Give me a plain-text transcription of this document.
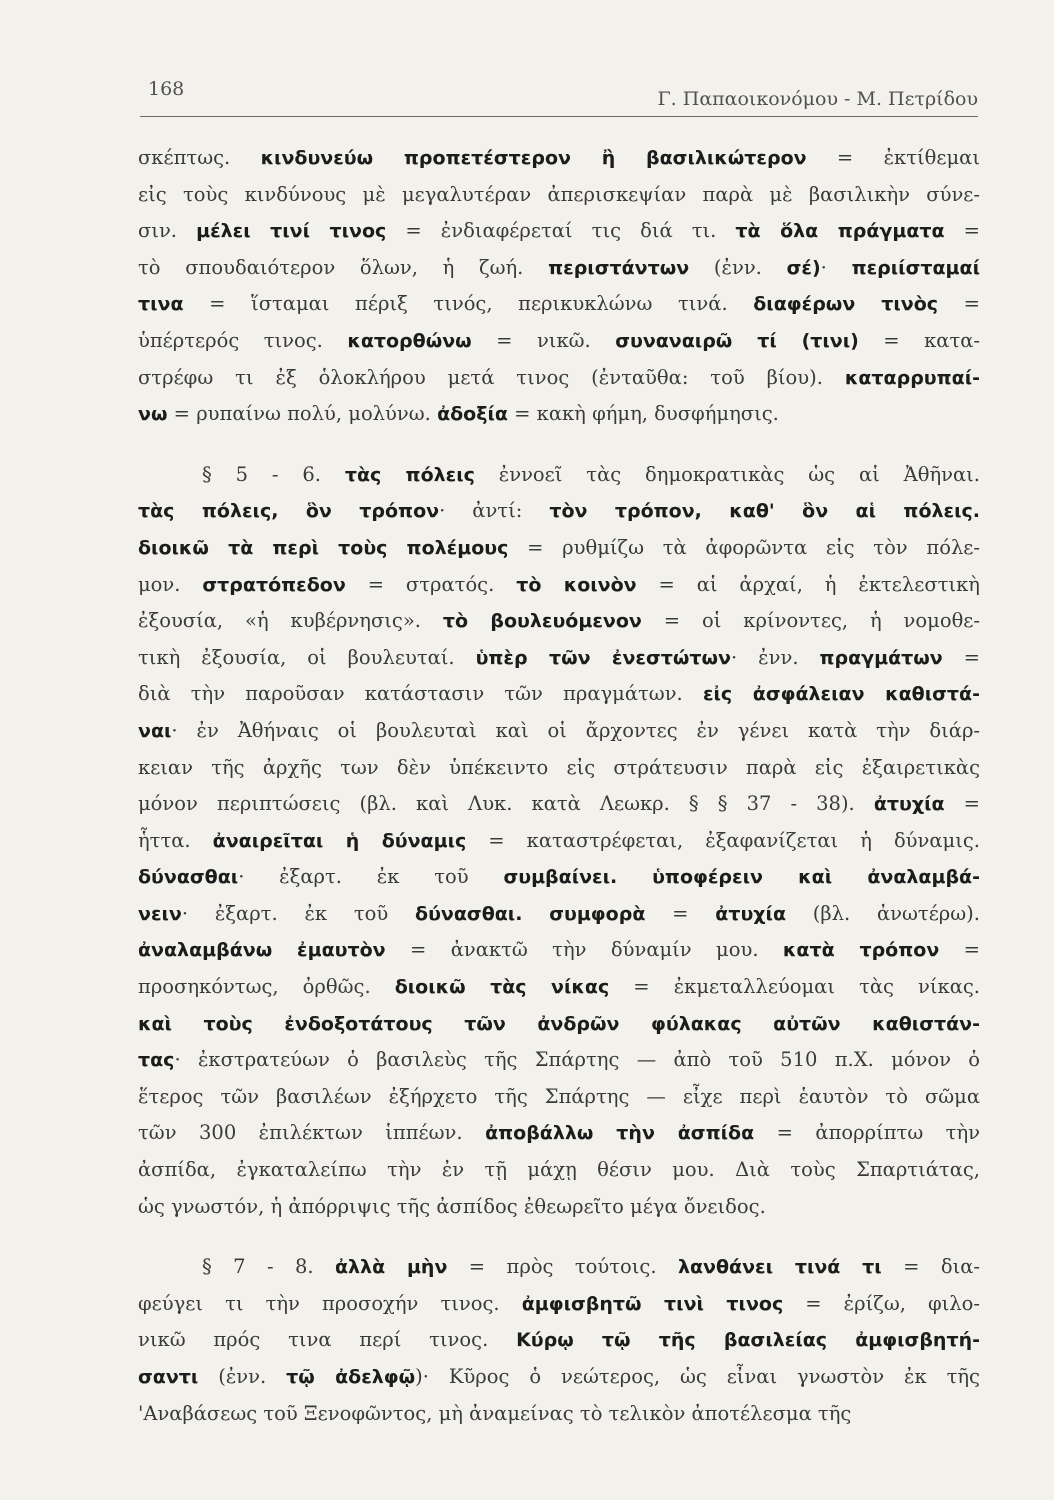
168	Γ. Παπαοικονόμου - Μ. Πετρίδου
σκέπτως. κινδυνεύω προπετέστερον ἢ βασιλικώτερον = ἐκτίθεμαι
εἰς τοὺς κινδύνους μὲ μεγαλυτέραν ἀπερισκεψίαν παρὰ μὲ βασιλικὴν σύνε-
σιν. μέλει τινί τινος = ἐνδιαφέρεταί τις διά τι. τὰ ὅλα πράγματα =
τὸ σπουδαιότερον ὅλων, ἡ ζωή. περιστάντων (ἐνν. σέ)· περιίσταμαί
τινα = ἵσταμαι πέριξ τινός, περικυκλώνω τινά. διαφέρων τινὸς =
ὑπέρτερός τινος. κατορθώνω = νικῶ. συναναιρῶ τί (τινι) = κατα-
στρέφω τι ἐξ ὁλοκλήρου μετά τινος (ἐνταῦθα: τοῦ βίου). καταρρυπαί-
νω = ρυπαίνω πολύ, μολύνω. ἀδοξία = κακὴ φήμη, δυσφήμησις.
§ 5 - 6. τὰς πόλεις ἐννοεῖ τὰς δημοκρατικὰς ὡς αἱ Ἀθῆναι.
τὰς πόλεις, ὃν τρόπον· ἀντί: τὸν τρόπον, καθ' ὃν αἱ πόλεις.
διοικῶ τὰ περὶ τοὺς πολέμους = ρυθμίζω τὰ ἀφορῶντα εἰς τὸν πόλε-
μον. στρατόπεδον = στρατός. τὸ κοινὸν = αἱ ἀρχαί, ἡ ἐκτελεστικὴ
ἐξουσία, «ἡ κυβέρνησις». τὸ βουλευόμενον = οἱ κρίνοντες, ἡ νομοθε-
τικὴ ἐξουσία, οἱ βουλευταί. ὑπὲρ τῶν ἐνεστώτων· ἐνν. πραγμάτων =
διὰ τὴν παροῦσαν κατάστασιν τῶν πραγμάτων. εἰς ἀσφάλειαν καθιστά-
ναι· ἐν Ἀθήναις οἱ βουλευταὶ καὶ οἱ ἄρχοντες ἐν γένει κατὰ τὴν διάρ-
κειαν τῆς ἀρχῆς των δὲν ὑπέκειντο εἰς στράτευσιν παρὰ εἰς ἐξαιρετικὰς
μόνον περιπτώσεις (βλ. καὶ Λυκ. κατὰ Λεωκρ. § § 37 - 38). ἀτυχία =
ἧττα. ἀναιρεῖται ἡ δύναμις = καταστρέφεται, ἐξαφανίζεται ἡ δύναμις.
δύνασθαι· ἐξαρτ. ἐκ τοῦ συμβαίνει. ὑποφέρειν καὶ ἀναλαμβά-
νειν· ἐξαρτ. ἐκ τοῦ δύνασθαι. συμφορὰ = ἀτυχία (βλ. ἀνωτέρω).
ἀναλαμβάνω ἐμαυτὸν = ἀνακτῶ τὴν δύναμίν μου. κατὰ τρόπον =
προσηκόντως, ὀρθῶς. διοικῶ τὰς νίκας = ἐκμεταλλεύομαι τὰς νίκας.
καὶ τοὺς ἐνδοξοτάτους τῶν ἀνδρῶν φύλακας αὐτῶν καθιστάν-
τας· ἐκστρατεύων ὁ βασιλεὺς τῆς Σπάρτης — ἀπὸ τοῦ 510 π.Χ. μόνον ὁ
ἕτερος τῶν βασιλέων ἐξήρχετο τῆς Σπάρτης — εἶχε περὶ ἑαυτὸν τὸ σῶμα
τῶν 300 ἐπιλέκτων ἱππέων. ἀποβάλλω τὴν ἀσπίδα = ἀπορρίπτω τὴν
ἀσπίδα, ἐγκαταλείπω τὴν ἐν τῇ μάχῃ θέσιν μου. Διὰ τοὺς Σπαρτιάτας,
ὡς γνωστόν, ἡ ἀπόρριψις τῆς ἀσπίδος ἐθεωρεῖτο μέγα ὄνειδος.
§ 7 - 8. ἀλλὰ μὴν = πρὸς τούτοις. λανθάνει τινά τι = δια-
φεύγει τι τὴν προσοχήν τινος. ἀμφισβητῶ τινὶ τινος = ἐρίζω, φιλο-
νικῶ πρός τινα περί τινος. Κύρῳ τῷ τῆς βασιλείας ἀμφισβητή-
σαντι (ἐνν. τῷ ἀδελφῷ)· Κῦρος ὁ νεώτερος, ὡς εἶναι γνωστὸν ἐκ τῆς
'Αναβάσεως τοῦ Ξενοφῶντος, μὴ ἀναμείνας τὸ τελικὸν ἀποτέλεσμα τῆς
